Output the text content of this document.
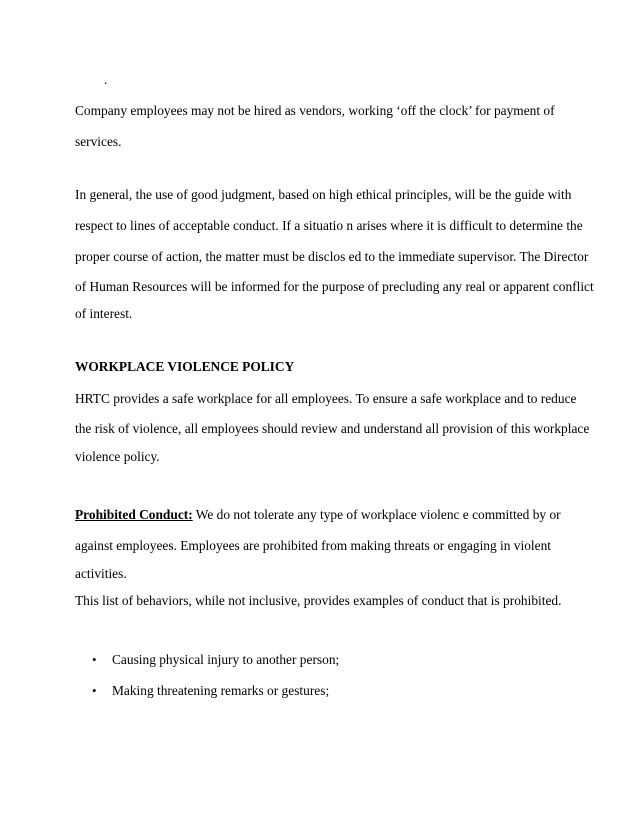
.
Company employees may not be hired as vendors, working ‘off the clock’ for payment of
services.
In general, the use of good judgment, based on high ethical principles, will be the guide with
respect to lines of acceptable conduct. If a situatio n arises where it is difficult to determine the
proper course of action, the matter must be disclos ed to the immediate supervisor. The Director
of Human Resources will be informed for the purpose of precluding any real or apparent conflict
of interest.
WORKPLACE VIOLENCE POLICY
HRTC provides a safe workplace for all employees. To ensure a safe workplace and to reduce
the risk of violence, all employees should review and understand all provision of this workplace
violence policy.
Prohibited Conduct: We do not tolerate any type of workplace violenc e committed by or
against employees. Employees are prohibited from making threats or engaging in violent
activities.
This list of behaviors, while not inclusive, provides examples of conduct that is prohibited.
• Causing physical injury to another person;
• Making threatening remarks or gestures;
